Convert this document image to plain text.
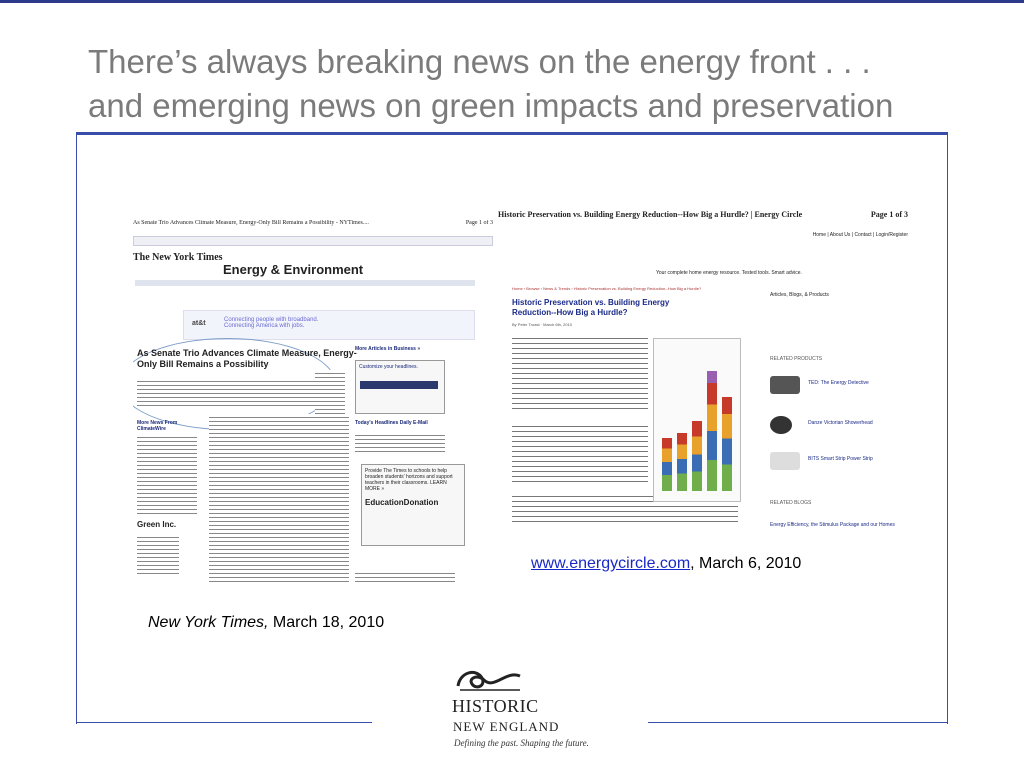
There’s always breaking news on the energy front . . .
and emerging news on green impacts and preservation
As Senate Trio Advances Climate Measure, Energy-Only Bill Remains a Possibility - NYTimes....	Page 1 of 3
The New York Times
Energy & Environment
at&t	Connecting people with broadband.
Connecting America with jobs.
As Senate Trio Advances Climate Measure, Energy-Only Bill Remains a Possibility
More News From ClimateWire
Green Inc.
More Articles in Business »
Customize your headlines.
Today's Headlines Daily E-Mail
Provide The Times to schools to help broaden students' horizons and support teachers in their classrooms. LEARN MORE »
EducationDonation
Historic Preservation vs. Building Energy Reduction--How Big a Hurdle? | Energy Circle	Page 1 of 3
Home | About Us | Contact | Login/Register
Your complete home energy resource. Tested tools. Smart advice.
Home › Browse › News & Trends › Historic Preservation vs. Building Energy Reduction--How Big a Hurdle?
Historic Preservation vs. Building Energy Reduction--How Big a Hurdle?
By Peter Troast · March 6th, 2010
Articles, Blogs, & Products
RELATED PRODUCTS
TED: The Energy Detective
Danze Victorian Showerhead
BITS Smart Strip Power Strip
RELATED BLOGS
Energy Efficiency, the Stimulus Package and our Homes
www.energycircle.com, March 6, 2010
New York Times, March 18, 2010
HISTORIC
NEW ENGLAND
Defining the past. Shaping the future.
